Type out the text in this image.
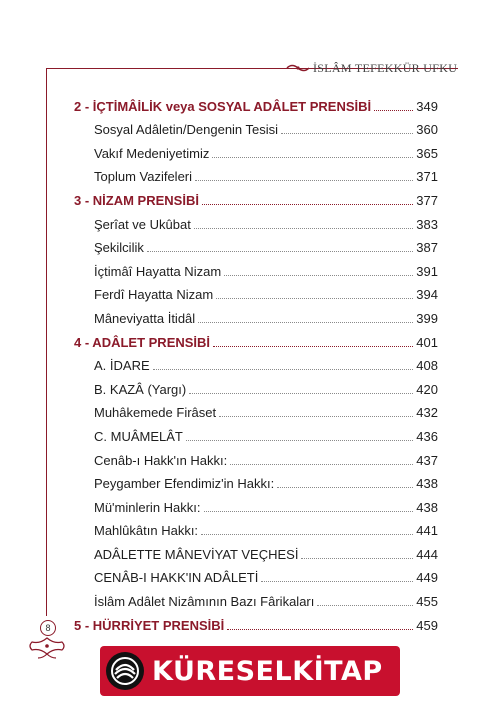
İSLÂM TEFEKKÜR UFKU
2 - İÇTİMÂİLİK veya SOSYAL ADÂLET PRENSİBİ	349
Sosyal Adâletin/Dengenin Tesisi	360
Vakıf Medeniyetimiz	365
Toplum Vazifeleri	371
3 - NİZAM PRENSİBİ	377
Şerîat ve Ukûbat	383
Şekilcilik	387
İçtimâî Hayatta Nizam	391
Ferdî Hayatta Nizam	394
Mâneviyatta İtidâl	399
4 - ADÂLET PRENSİBİ	401
A. İDARE	408
B. KAZÂ (Yargı)	420
Muhâkemede Firâset	432
C. MUÂMELÂT	436
Cenâb-ı Hakk'ın Hakkı:	437
Peygamber Efendimiz'in Hakkı:	438
Mü'minlerin Hakkı:	438
Mahlûkâtın Hakkı:	441
ADÂLETTE MÂNEVİYAT VEÇHESİ	444
CENÂB-I HAKK'IN ADÂLETİ	449
İslâm Adâlet Nizâmının Bazı Fârikaları	455
5 - HÜRRİYET PRENSİBİ	459
8
KÜRESELKİTAP
